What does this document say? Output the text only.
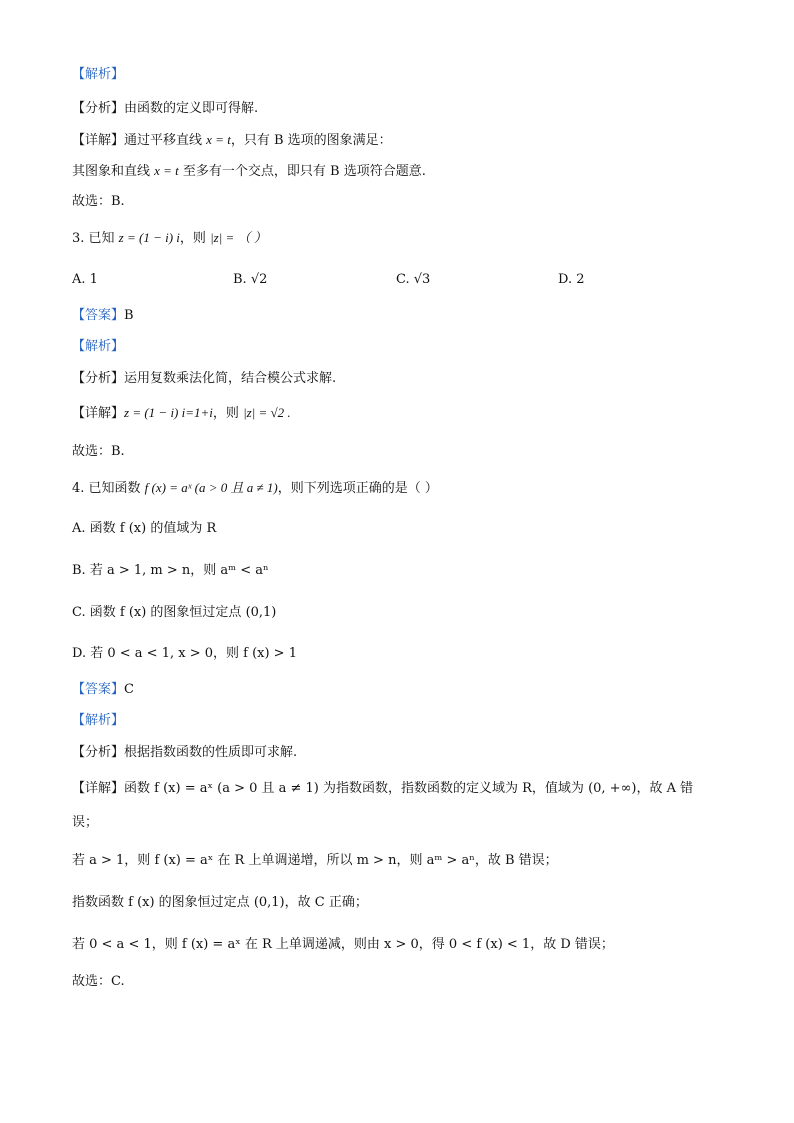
【解析】
【分析】由函数的定义即可得解.
【详解】通过平移直线 x = t，只有 B 选项的图象满足：
其图象和直线 x = t 至多有一个交点，即只有 B 选项符合题意.
故选：B.
3. 已知 z = (1 − i) i，则 |z| = （ ）
A. 1	B. √2	C. √3	D. 2
【答案】B
【解析】
【分析】运用复数乘法化简，结合模公式求解.
【详解】z = (1 − i) i=1+i，则 |z| = √2 .
故选：B.
4. 已知函数 f (x) = aˣ (a > 0 且 a ≠ 1)，则下列选项正确的是（ ）
A. 函数 f (x) 的值域为 R
B. 若 a > 1, m > n，则 aᵐ < aⁿ
C. 函数 f (x) 的图象恒过定点 (0,1)
D. 若 0 < a < 1, x > 0，则 f (x) > 1
【答案】C
【解析】
【分析】根据指数函数的性质即可求解.
【详解】函数 f (x) = aˣ (a > 0 且 a ≠ 1) 为指数函数，指数函数的定义域为 R，值域为 (0, +∞)，故 A 错
误；
若 a > 1，则 f (x) = aˣ 在 R 上单调递增，所以 m > n，则 aᵐ > aⁿ，故 B 错误；
指数函数 f (x) 的图象恒过定点 (0,1)，故 C 正确；
若 0 < a < 1，则 f (x) = aˣ 在 R 上单调递减，则由 x > 0，得 0 < f (x) < 1，故 D 错误；
故选：C.
